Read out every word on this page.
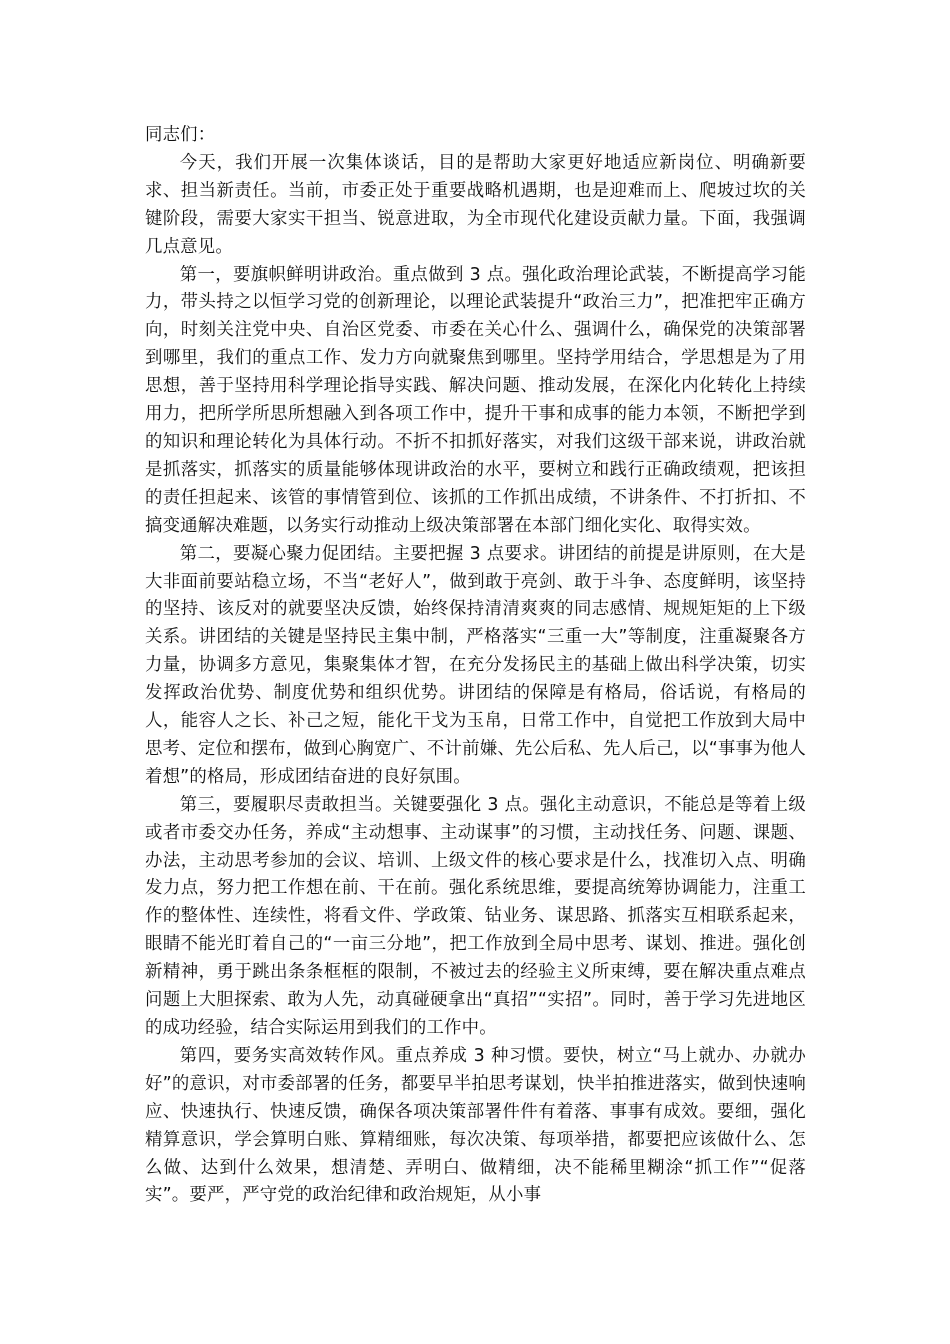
同志们：

今天，我们开展一次集体谈话，目的是帮助大家更好地适应新岗位、明确新要求、担当新责任。当前，市委正处于重要战略机遇期，也是迎难而上、爬坡过坎的关键阶段，需要大家实干担当、锐意进取，为全市现代化建设贡献力量。下面，我强调几点意见。

第一，要旗帜鲜明讲政治。重点做到 3 点。强化政治理论武装，不断提高学习能力，带头持之以恒学习党的创新理论，以理论武装提升“政治三力”，把准把牢正确方向，时刻关注党中央、自治区党委、市委在关心什么、强调什么，确保党的决策部署到哪里，我们的重点工作、发力方向就聚焦到哪里。坚持学用结合，学思想是为了用思想，善于坚持用科学理论指导实践、解决问题、推动发展，在深化内化转化上持续用力，把所学所思所想融入到各项工作中，提升干事和成事的能力本领，不断把学到的知识和理论转化为具体行动。不折不扣抓好落实，对我们这级干部来说，讲政治就是抓落实，抓落实的质量能够体现讲政治的水平，要树立和践行正确政绩观，把该担的责任担起来、该管的事情管到位、该抓的工作抓出成绩，不讲条件、不打折扣、不搞变通解决难题，以务实行动推动上级决策部署在本部门细化实化、取得实效。

第二，要凝心聚力促团结。主要把握 3 点要求。讲团结的前提是讲原则，在大是大非面前要站稳立场，不当“老好人”，做到敢于亮剑、敢于斗争、态度鲜明，该坚持的坚持、该反对的就要坚决反馈，始终保持清清爽爽的同志感情、规规矩矩的上下级关系。讲团结的关键是坚持民主集中制，严格落实“三重一大”等制度，注重凝聚各方力量，协调多方意见，集聚集体才智，在充分发扬民主的基础上做出科学决策，切实发挥政治优势、制度优势和组织优势。讲团结的保障是有格局，俗话说，有格局的人，能容人之长、补己之短，能化干戈为玉帛，日常工作中，自觉把工作放到大局中思考、定位和摆布，做到心胸宽广、不计前嫌、先公后私、先人后己，以“事事为他人着想”的格局，形成团结奋进的良好氛围。

第三，要履职尽责敢担当。关键要强化 3 点。强化主动意识，不能总是等着上级或者市委交办任务，养成“主动想事、主动谋事”的习惯，主动找任务、问题、课题、办法，主动思考参加的会议、培训、上级文件的核心要求是什么，找准切入点、明确发力点，努力把工作想在前、干在前。强化系统思维，要提高统筹协调能力，注重工作的整体性、连续性，将看文件、学政策、钻业务、谋思路、抓落实互相联系起来，眼睛不能光盯着自己的“一亩三分地”，把工作放到全局中思考、谋划、推进。强化创新精神，勇于跳出条条框框的限制，不被过去的经验主义所束缚，要在解决重点难点问题上大胆探索、敢为人先，动真碰硬拿出“真招”“实招”。同时，善于学习先进地区的成功经验，结合实际运用到我们的工作中。

第四，要务实高效转作风。重点养成 3 种习惯。要快，树立“马上就办、办就办好”的意识，对市委部署的任务，都要早半拍思考谋划，快半拍推进落实，做到快速响应、快速执行、快速反馈，确保各项决策部署件件有着落、事事有成效。要细，强化精算意识，学会算明白账、算精细账，每次决策、每项举措，都要把应该做什么、怎么做、达到什么效果，想清楚、弄明白、做精细，决不能稀里糊涂“抓工作”“促落实”。要严，严守党的政治纪律和政治规矩，从小事
